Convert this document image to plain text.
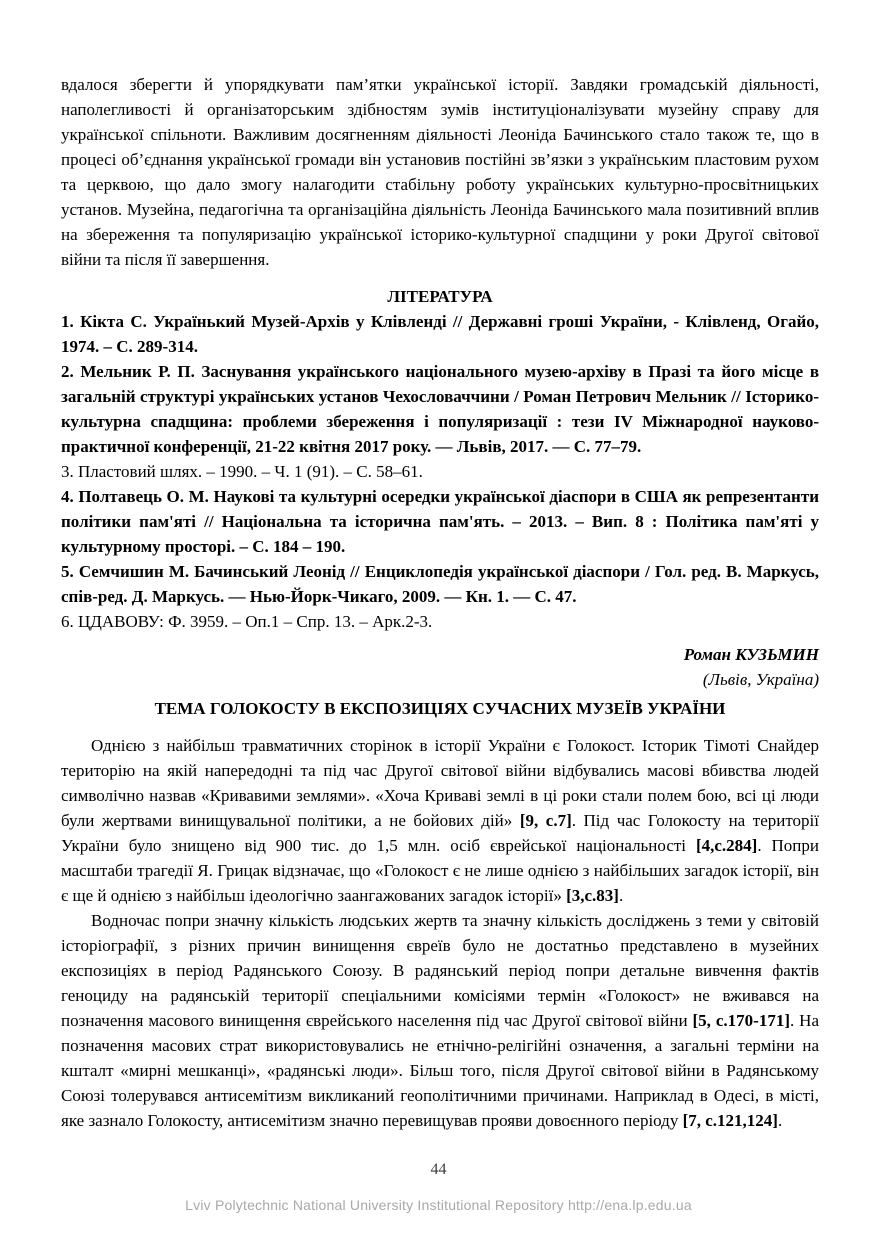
вдалося зберегти й упорядкувати пам’ятки української історії. Завдяки громадській діяльності, наполегливості й організаторським здібностям зумів інституціоналізувати музейну справу для української спільноти. Важливим досягненням діяльності Леоніда Бачинського стало також те, що в процесі об’єднання української громади він установив постійні зв’язки з українським пластовим рухом та церквою, що дало змогу налагодити стабільну роботу українських культурно-просвітницьких установ. Музейна, педагогічна та організаційна діяльність Леоніда Бачинського мала позитивний вплив на збереження та популяризацію української історико-культурної спадщини у роки Другої світової війни та після її завершення.

ЛІТЕРАТУРА

1. Кікта С. Українький Музей-Архів у Клівленді // Державні гроші України, - Клівленд, Огайо, 1974. – С. 289-314.

2. Мельник Р. П. Заснування українського національного музею-архіву в Празі та його місце в загальній структурі українських установ Чехословаччини / Роман Петрович Мельник // Історико-культурна спадщина: проблеми збереження і популяризації : тези IV Міжнародної науково-практичної конференції, 21-22 квітня 2017 року. — Львів, 2017. — С. 77–79.

3. Пластовий шлях. – 1990. – Ч. 1 (91). – С. 58–61.

4. Полтавець О. М. Наукові та культурні осередки української діаспори в США як репрезентанти політики пам'яті // Національна та історична пам'ять. – 2013. – Вип. 8 : Політика пам'яті у культурному просторі. – С. 184 – 190.

5. Семчишин М. Бачинський Леонід // Енциклопедія української діаспори / Гол. ред. В. Маркусь, спів-ред. Д. Маркусь. — Нью-Йорк-Чикаго, 2009. — Кн. 1. — С. 47.

6. ЦДАВОВУ: Ф. 3959. – Оп.1 – Спр. 13. – Арк.2-3.

Роман КУЗЬМИН
(Львів, Україна)
ТЕМА ГОЛОКОСТУ В ЕКСПОЗИЦІЯХ СУЧАСНИХ МУЗЕЇВ УКРАЇНИ

Однією з найбільш травматичних сторінок в історії України є Голокост. Історик Тімоті Снайдер територію на якій напередодні та під час Другої світової війни відбувались масові вбивства людей символічно назвав «Кривавими землями». «Хоча Криваві землі в ці роки стали полем бою, всі ці люди були жертвами винищувальної політики, а не бойових дій» [9, с.7]. Під час Голокосту на території України було знищено від 900 тис. до 1,5 млн. осіб єврейської національності [4,с.284]. Попри масштаби трагедії Я. Грицак відзначає, що «Голокост є не лише однією з найбільших загадок історії, він є ще й однією з найбільш ідеологічно заангажованих загадок історії» [3,с.83].

Водночас попри значну кількість людських жертв та значну кількість досліджень з теми у світовій історіографії, з різних причин винищення євреїв було не достатньо представлено в музейних експозиціях в період Радянського Союзу. В радянський період попри детальне вивчення фактів геноциду на радянській території спеціальними комісіями термін «Голокост» не вживався на позначення масового винищення єврейського населення під час Другої світової війни [5, с.170-171]. На позначення масових страт використовувались не етнічно-релігійні означення, а загальні терміни на кшталт «мирні мешканці», «радянські люди». Більш того, після Другої світової війни в Радянському Союзі толерувався антисемітизм викликаний геополітичними причинами. Наприклад в Одесі, в місті, яке зазнало Голокосту, антисемітизм значно перевищував прояви довоєнного періоду [7, с.121,124].

44
Lviv Polytechnic National University Institutional Repository http://ena.lp.edu.ua
